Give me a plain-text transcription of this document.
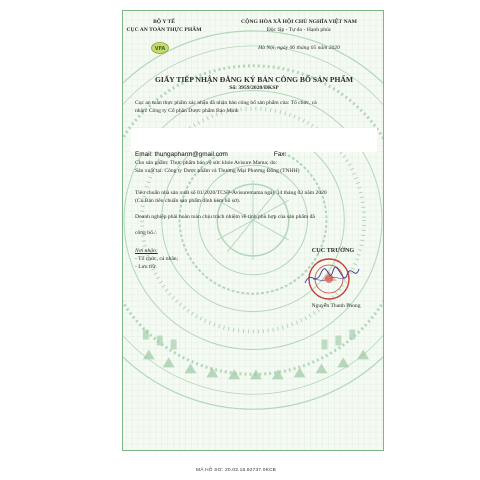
BỘ Y TẾ
CỤC AN TOÀN THỰC PHẨM
VFA
CỘNG HÒA XÃ HỘI CHỦ NGHĨA VIỆT NAM
Độc lập - Tự do - Hạnh phúc
Hà Nội, ngày 06 tháng 05 năm 2020
GIẤY TIẾP NHẬN ĐĂNG KÝ BẢN CÔNG BỐ SẢN PHẨM
Số: 3959/2020/ĐKSP
Cục an toàn thực phẩm xác nhận đã nhận bản công bố sản phẩm của: Tổ chức, cá
nhân: Công ty Cổ phần Dược phẩm Bảo Minh
Email: thungapharm@gmail.com	Fax:
Cho sản phẩm: Thực phẩm bảo vệ sức khỏe Avisure Mama; do:
Sản xuất tại: Công ty Dược phẩm và Thương Mại Phương Đông (TNHH)
Tiêu chuẩn nhà sản xuất số 01/2020/TCSP-Avisuremama ngày 14 tháng 03 năm 2020
(Có Bản tiêu chuẩn sản phẩm đính kèm hồ sơ).
Doanh nghiệp phải hoàn toàn chịu trách nhiệm về tính phù hợp của sản phẩm đã
công bố./.
Nơi nhận:
- Tổ chức, cá nhân;
- Lưu trữ.
CỤC TRƯỞNG
Nguyễn Thanh Phong
MÃ HỒ SƠ: 20.03.16.82737.0KCB
